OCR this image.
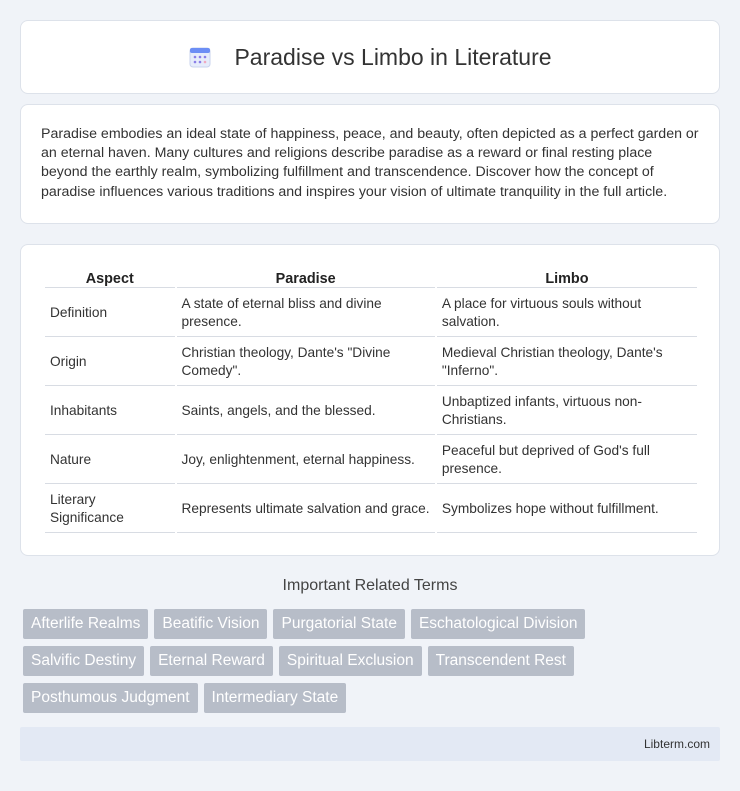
Paradise vs Limbo in Literature

Paradise embodies an ideal state of happiness, peace, and beauty, often depicted as a perfect garden or an eternal haven. Many cultures and religions describe paradise as a reward or final resting place beyond the earthly realm, symbolizing fulfillment and transcendence. Discover how the concept of paradise influences various traditions and inspires your vision of ultimate tranquility in the full article.

Aspect	Paradise	Limbo
Definition	A state of eternal bliss and divine presence.	A place for virtuous souls without salvation.
Origin	Christian theology, Dante's "Divine Comedy".	Medieval Christian theology, Dante's "Inferno".
Inhabitants	Saints, angels, and the blessed.	Unbaptized infants, virtuous non-Christians.
Nature	Joy, enlightenment, eternal happiness.	Peaceful but deprived of God's full presence.
Literary Significance	Represents ultimate salvation and grace.	Symbolizes hope without fulfillment.
Important Related Terms
Afterlife Realms	Beatific Vision	Purgatorial State	Eschatological Division
Salvific Destiny	Eternal Reward	Spiritual Exclusion	Transcendent Rest
Posthumous Judgment	Intermediary State
Libterm.com
